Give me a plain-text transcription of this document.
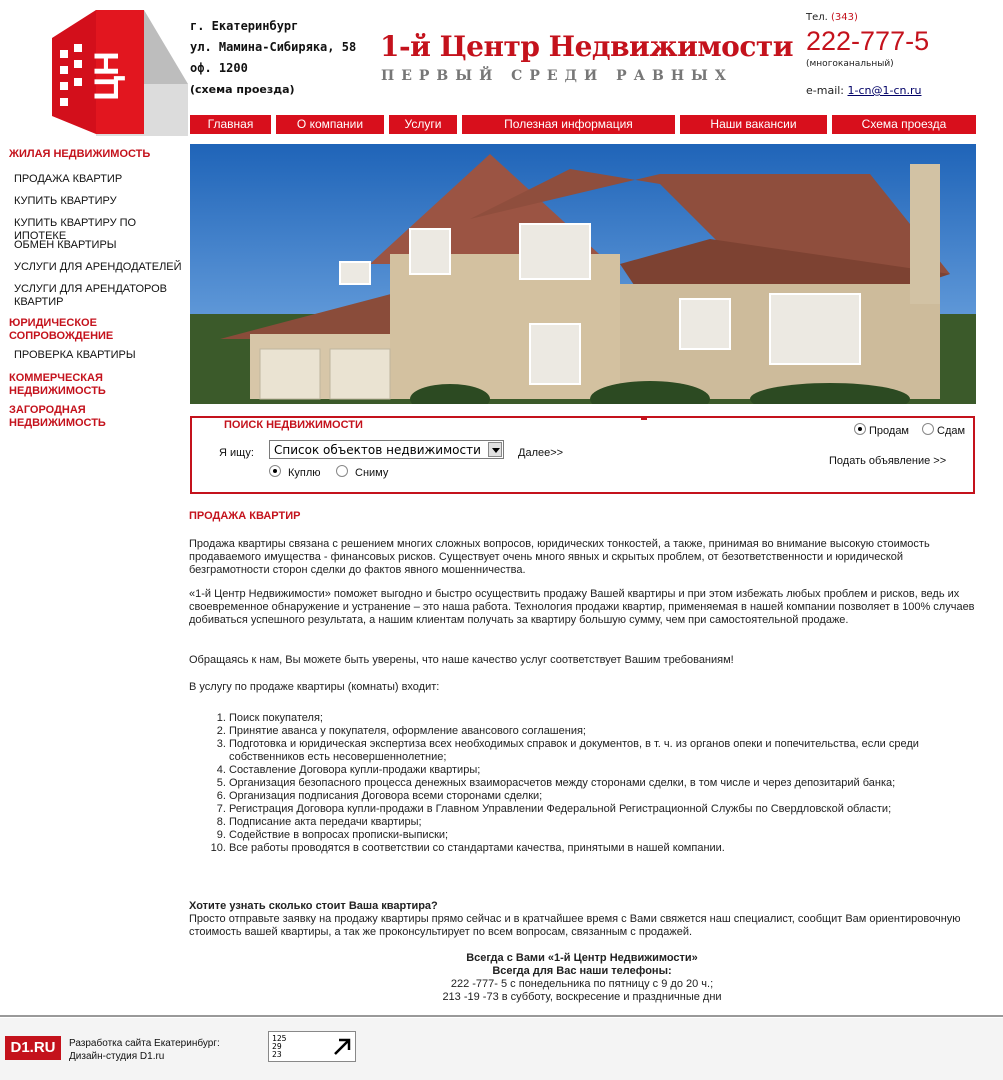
ЦН
г. Екатеринбург
ул. Мамина-Сибиряка, 58
оф. 1200
(схема проезда)
1-й Центр Недвижимости
ПЕРВЫЙ СРЕДИ РАВНЫХ
Тел. (343)
222-777-5
(многоканальный)
e-mail: 1-cn@1-cn.ru
Главная	О компании	Услуги	Полезная информация	Наши вакансии	Схема проезда
ЖИЛАЯ НЕДВИЖИМОСТЬ
ПРОДАЖА КВАРТИР
КУПИТЬ КВАРТИРУ
КУПИТЬ КВАРТИРУ ПО ИПОТЕКЕ
ОБМЕН КВАРТИРЫ
УСЛУГИ ДЛЯ АРЕНДОДАТЕЛЕЙ
УСЛУГИ ДЛЯ АРЕНДАТОРОВ КВАРТИР
ЮРИДИЧЕСКОЕ СОПРОВОЖДЕНИЕ
ПРОВЕРКА КВАРТИРЫ
КОММЕРЧЕСКАЯ НЕДВИЖИМОСТЬ
ЗАГОРОДНАЯ НЕДВИЖИМОСТЬ	ПОИСК НЕДВИЖИМОСТИ
Я ищу:	Список объектов недвижимости	Далее>>
Куплю	Сниму
Продам	Сдам
Подать объявление >>
ПРОДАЖА КВАРТИР

Продажа квартиры связана с решением многих сложных вопросов, юридических тонкостей, а также, принимая во внимание высокую стоимость продаваемого имущества - финансовых рисков. Существует очень много явных и скрытых проблем, от безответственности и юридической безграмотности сторон сделки до фактов явного мошенничества.

«1-й Центр Недвижимости» поможет выгодно и быстро осуществить продажу Вашей квартиры и при этом избежать любых проблем и рисков, ведь их своевременное обнаружение и устранение – это наша работа. Технология продажи квартир, применяемая в нашей компании позволяет в 100% случаев добиваться успешного результата, а нашим клиентам получать за квартиру большую сумму, чем при самостоятельной продаже.

Обращаясь к нам, Вы можете быть уверены, что наше качество услуг соответствует Вашим требованиям!

В услугу по продаже квартиры (комнаты) входит:

1. Поиск покупателя;
2. Принятие аванса у покупателя, оформление авансового соглашения;
3. Подготовка и юридическая экспертиза всех необходимых справок и документов, в т. ч. из органов опеки и попечительства, если среди собственников есть несовершеннолетние;
4. Составление Договора купли-продажи квартиры;
5. Организация безопасного процесса денежных взаиморасчетов между сторонами сделки, в том числе и через депозитарий банка;
6. Организация подписания Договора всеми сторонами сделки;
7. Регистрация Договора купли-продажи в Главном Управлении Федеральной Регистрационной Службы по Свердловской области;
8. Подписание акта передачи квартиры;
9. Содействие в вопросах прописки-выписки;
10. Все работы проводятся в соответствии со стандартами качества, принятыми в нашей компании.

Хотите узнать сколько стоит Ваша квартира?

Просто отправьте заявку на продажу квартиры прямо сейчас и в кратчайшее время с Вами свяжется наш специалист, сообщит Вам ориентировочную стоимость вашей квартиры, а так же проконсультирует по всем вопросам, связанным с продажей.

Всегда с Вами «1-й Центр Недвижимости»
Всегда для Вас наши телефоны:
222 -777- 5 с понедельника по пятницу с 9 до 20 ч.;
213 -19 -73 в субботу, воскресение и праздничные дни
D1.RU	Разработка сайта Екатеринбург:
Дизайн-студия D1.ru
125
29
23
